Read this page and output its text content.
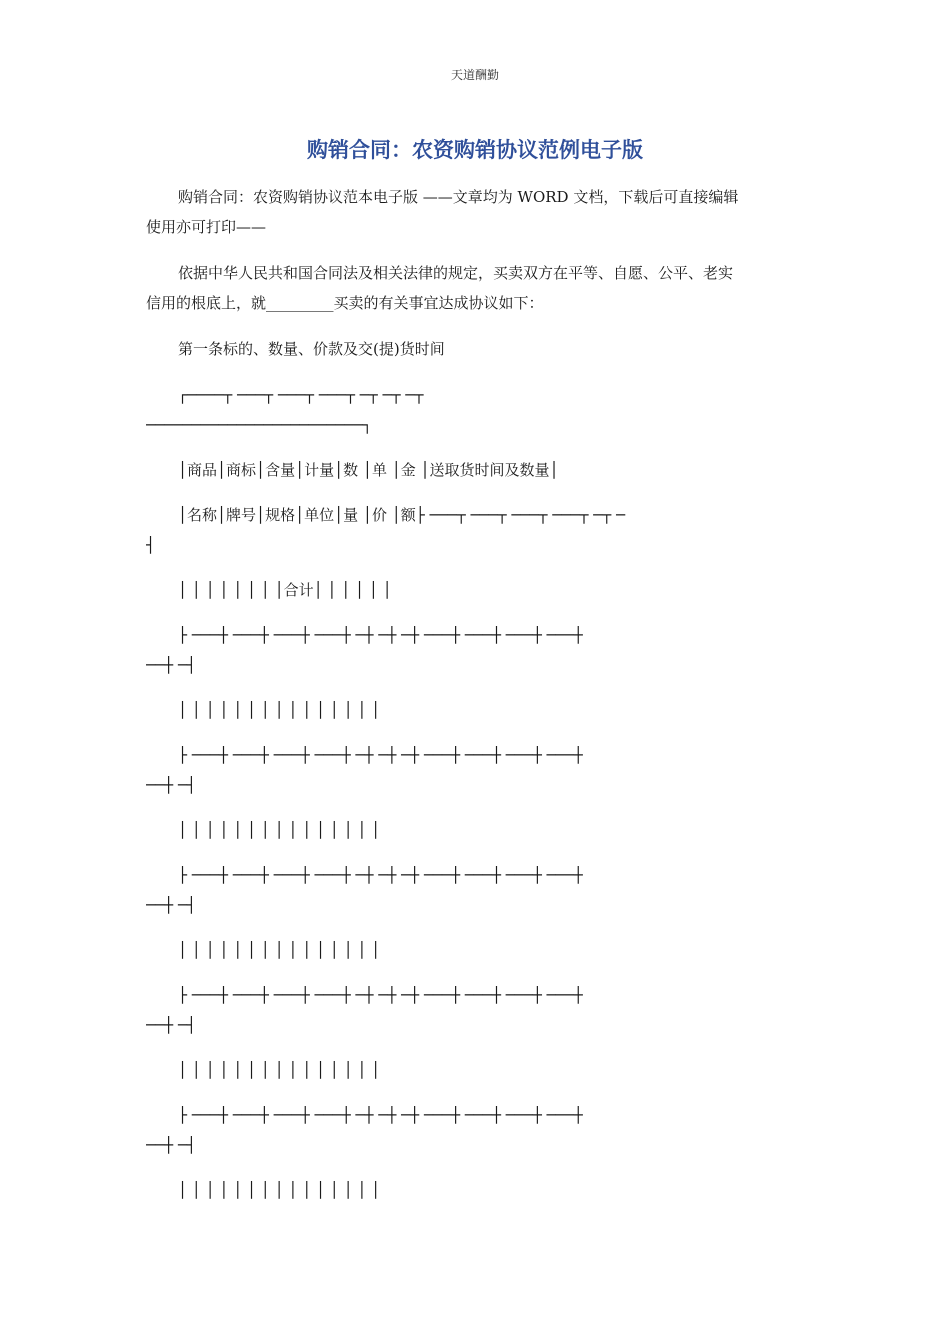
天道酬勤
购销合同：农资购销协议范例电子版
购销合同：农资购销协议范本电子版 ——文章均为 WORD 文档，下载后可直接编辑
使用亦可打印——
依据中华人民共和国合同法及相关法律的规定，买卖双方在平等、自愿、公平、老实
信用的根底上，就_________买卖的有关事宜达成协议如下：
第一条标的、数量、价款及交(提)货时间
┌────┬ ───┬ ───┬ ───┬ ─┬ ─┬ ─┬
────────────────────────┐
│商品│商标│含量│计量│数 │单 │金 │送取货时间及数量│
│名称│牌号│规格│单位│量 │价 │额├ ───┬ ───┬ ───┬ ───┬ ─┬ ─
┤
│ │ │ │ │ │ │ │合计│ │ │ │ │ │
├ ───┼ ───┼ ───┼ ───┼ ─┼ ─┼ ─┼ ───┼ ───┼ ───┼ ───┼
──┼ ─┤
│ │ │ │ │ │ │ │ │ │ │ │ │ │ │
├ ───┼ ───┼ ───┼ ───┼ ─┼ ─┼ ─┼ ───┼ ───┼ ───┼ ───┼
──┼ ─┤
│ │ │ │ │ │ │ │ │ │ │ │ │ │ │
├ ───┼ ───┼ ───┼ ───┼ ─┼ ─┼ ─┼ ───┼ ───┼ ───┼ ───┼
──┼ ─┤
│ │ │ │ │ │ │ │ │ │ │ │ │ │ │
├ ───┼ ───┼ ───┼ ───┼ ─┼ ─┼ ─┼ ───┼ ───┼ ───┼ ───┼
──┼ ─┤
│ │ │ │ │ │ │ │ │ │ │ │ │ │ │
├ ───┼ ───┼ ───┼ ───┼ ─┼ ─┼ ─┼ ───┼ ───┼ ───┼ ───┼
──┼ ─┤
│ │ │ │ │ │ │ │ │ │ │ │ │ │ │
